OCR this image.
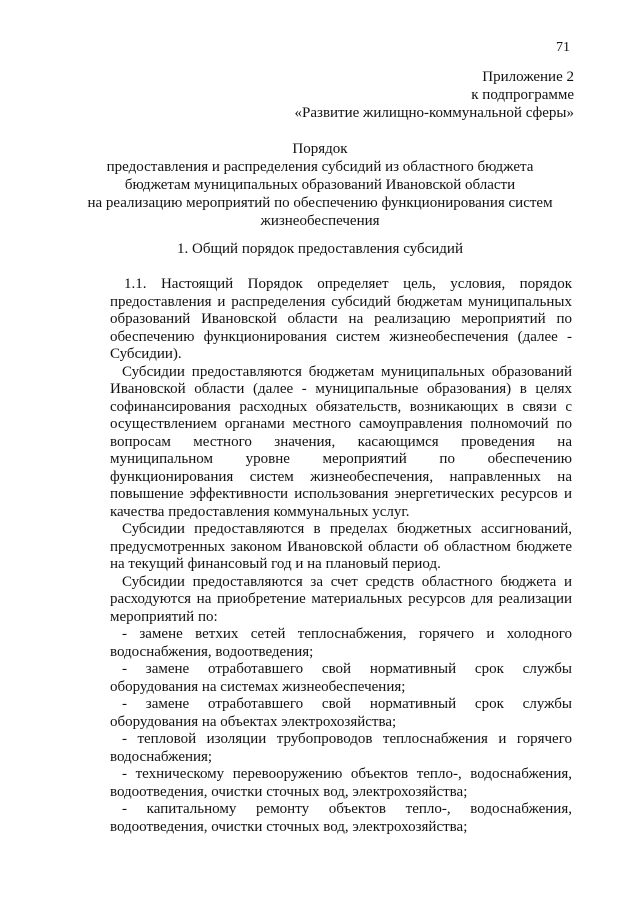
71
Приложение 2
к подпрограмме
«Развитие жилищно-коммунальной сферы»
Порядок
предоставления и распределения субсидий из областного бюджета
бюджетам муниципальных образований Ивановской области
на реализацию мероприятий по обеспечению функционирования систем
жизнеобеспечения
1. Общий порядок предоставления субсидий

1.1. Настоящий Порядок определяет цель, условия, порядок предоставления и распределения субсидий бюджетам муниципальных образований Ивановской области на реализацию мероприятий по обеспечению функционирования систем жизнеобеспечения (далее - Субсидии).

Субсидии предоставляются бюджетам муниципальных образований Ивановской области (далее - муниципальные образования) в целях софинансирования расходных обязательств, возникающих в связи с осуществлением органами местного самоуправления полномочий по вопросам местного значения, касающимся проведения на муниципальном уровне мероприятий по обеспечению функционирования систем жизнеобеспечения, направленных на повышение эффективности использования энергетических ресурсов и качества предоставления коммунальных услуг.

Субсидии предоставляются в пределах бюджетных ассигнований, предусмотренных законом Ивановской области об областном бюджете на текущий финансовый год и на плановый период.

Субсидии предоставляются за счет средств областного бюджета и расходуются на приобретение материальных ресурсов для реализации мероприятий по:

- замене ветхих сетей теплоснабжения, горячего и холодного водоснабжения, водоотведения;

- замене отработавшего свой нормативный срок службы оборудования на системах жизнеобеспечения;

- замене отработавшего свой нормативный срок службы оборудования на объектах электрохозяйства;

- тепловой изоляции трубопроводов теплоснабжения и горячего водоснабжения;

- техническому перевооружению объектов тепло-, водоснабжения, водоотведения, очистки сточных вод, электрохозяйства;

- капитальному ремонту объектов тепло-, водоснабжения, водоотведения, очистки сточных вод, электрохозяйства;
